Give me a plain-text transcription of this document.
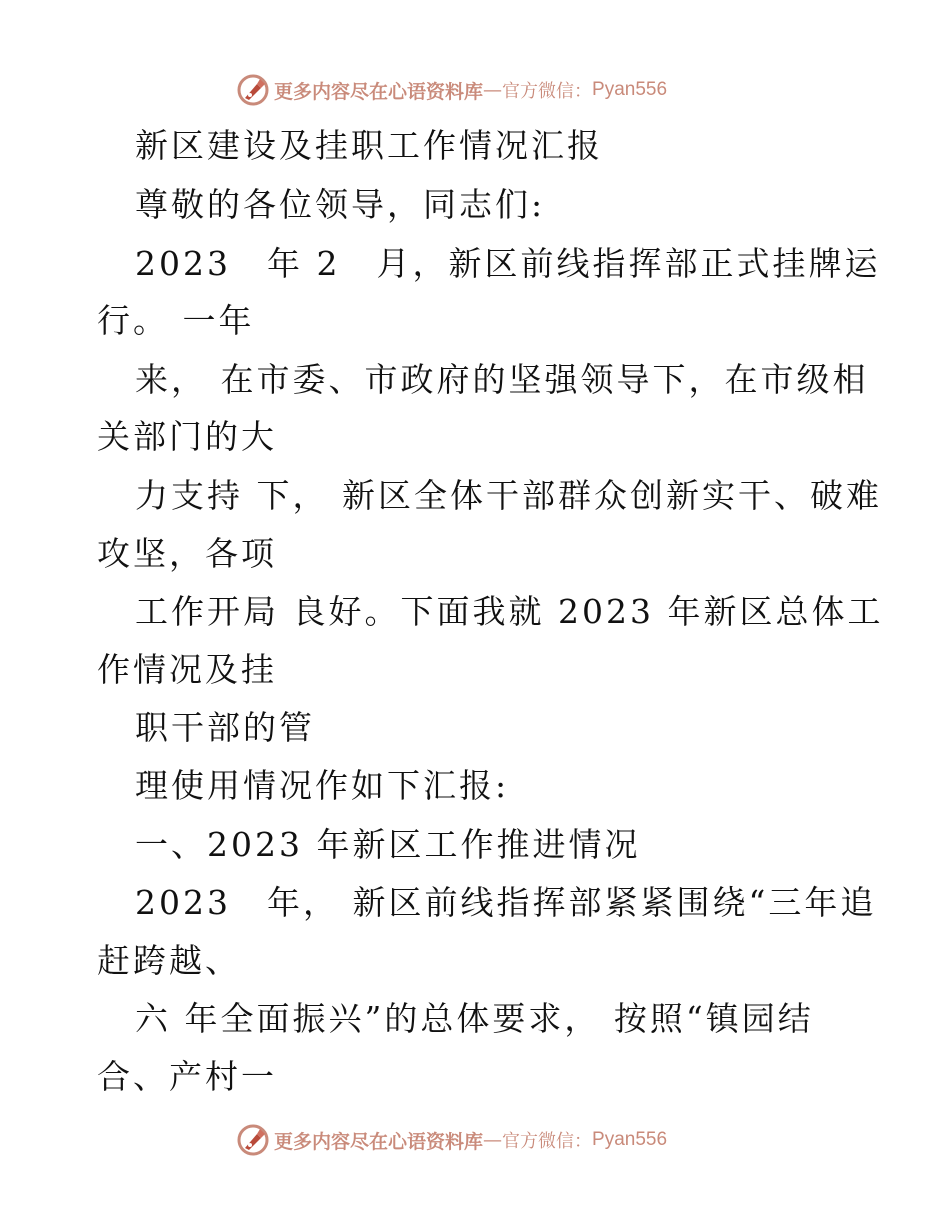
更多内容尽在心语资料库 — 官方微信： Pyan556
新区建设及挂职工作情况汇报
尊敬的各位领导，同志们:
2023　年 2　月，新区前线指挥部正式挂牌运
行。 一年
来， 在市委、市政府的坚强领导下，在市级相
关部门的大
力支持 下， 新区全体干部群众创新实干、破难
攻坚，各项
工作开局 良好。下面我就 2023 年新区总体工
作情况及挂
职干部的管
理使用情况作如下汇报:
一、2023 年新区工作推进情况
2023　年， 新区前线指挥部紧紧围绕“三年追
赶跨越、
六 年全面振兴”的总体要求， 按照“镇园结
合、产村一
更多内容尽在心语资料库 — 官方微信： Pyan556
